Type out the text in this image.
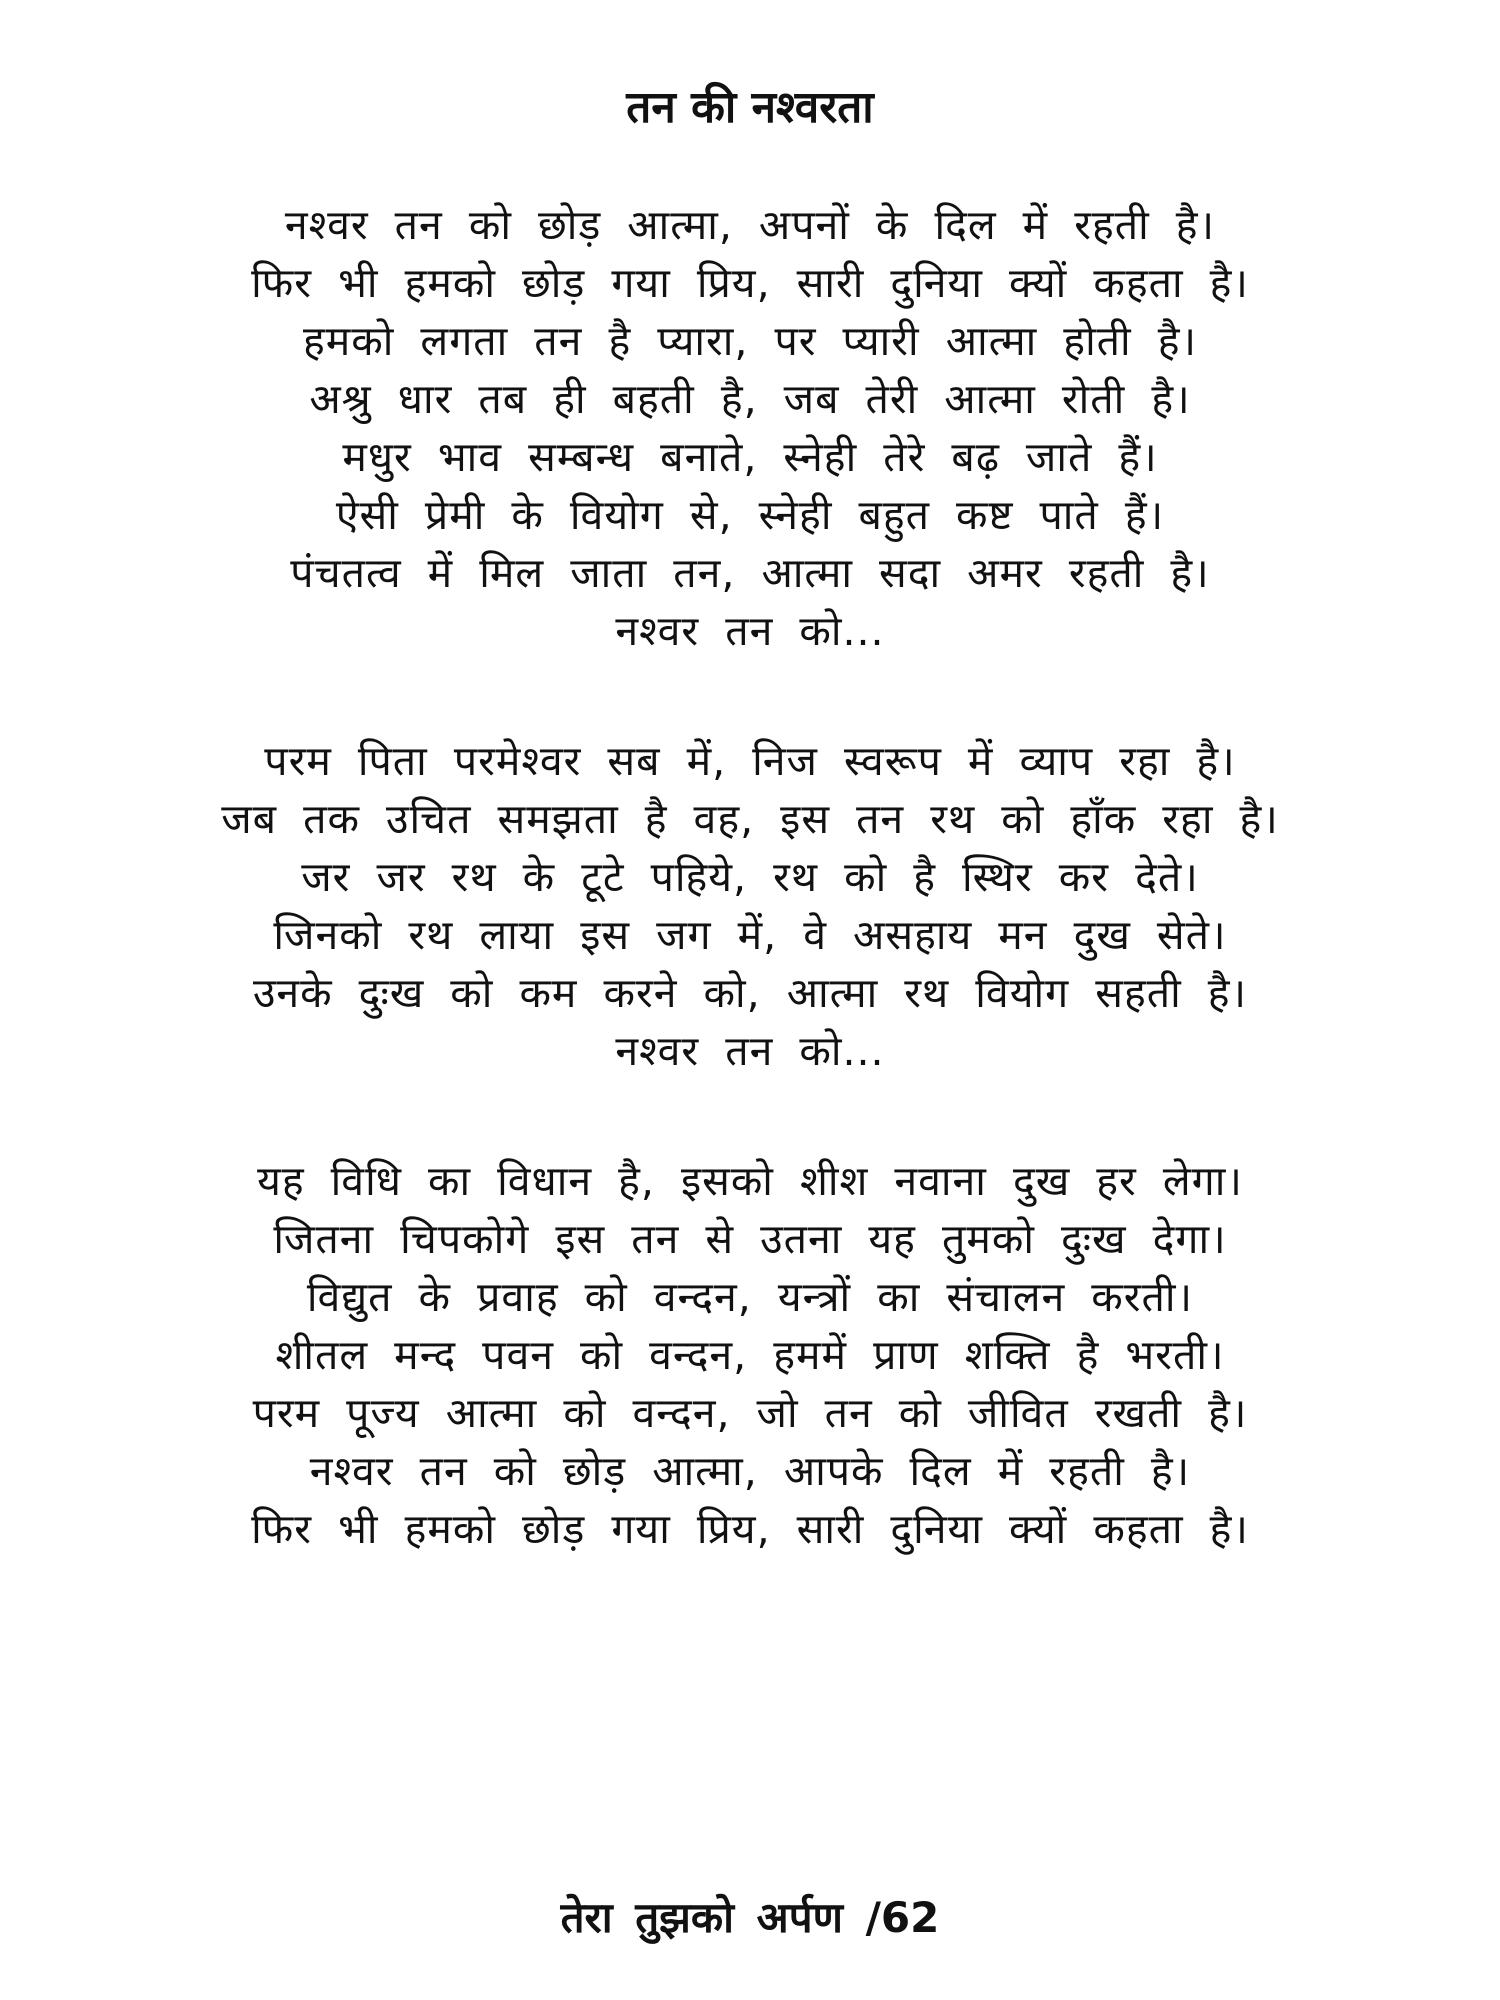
तन की नश्वरता
नश्वर तन को छोड़ आत्मा, अपनों के दिल में रहती है।
फिर भी हमको छोड़ गया प्रिय, सारी दुनिया क्यों कहता है।
हमको लगता तन है प्यारा, पर प्यारी आत्मा होती है।
अश्रु धार तब ही बहती है, जब तेरी आत्मा रोती है।
मधुर भाव सम्बन्ध बनाते, स्नेही तेरे बढ़ जाते हैं।
ऐसी प्रेमी के वियोग से, स्नेही बहुत कष्ट पाते हैं।
पंचतत्व में मिल जाता तन, आत्मा सदा अमर रहती है।
नश्वर तन को...
परम पिता परमेश्वर सब में, निज स्वरूप में व्याप रहा है।
जब तक उचित समझता है वह, इस तन रथ को हाँक रहा है।
जर जर रथ के टूटे पहिये, रथ को है स्थिर कर देते।
जिनको रथ लाया इस जग में, वे असहाय मन दुख सेते।
उनके दुःख को कम करने को, आत्मा रथ वियोग सहती है।
नश्वर तन को...
यह विधि का विधान है, इसको शीश नवाना दुख हर लेगा।
जितना चिपकोगे इस तन से उतना यह तुमको दुःख देगा।
विद्युत के प्रवाह को वन्दन, यन्त्रों का संचालन करती।
शीतल मन्द पवन को वन्दन, हममें प्राण शक्ति है भरती।
परम पूज्य आत्मा को वन्दन, जो तन को जीवित रखती है।
नश्वर तन को छोड़ आत्मा, आपके दिल में रहती है।
फिर भी हमको छोड़ गया प्रिय, सारी दुनिया क्यों कहता है।
तेरा तुझको अर्पण /62
